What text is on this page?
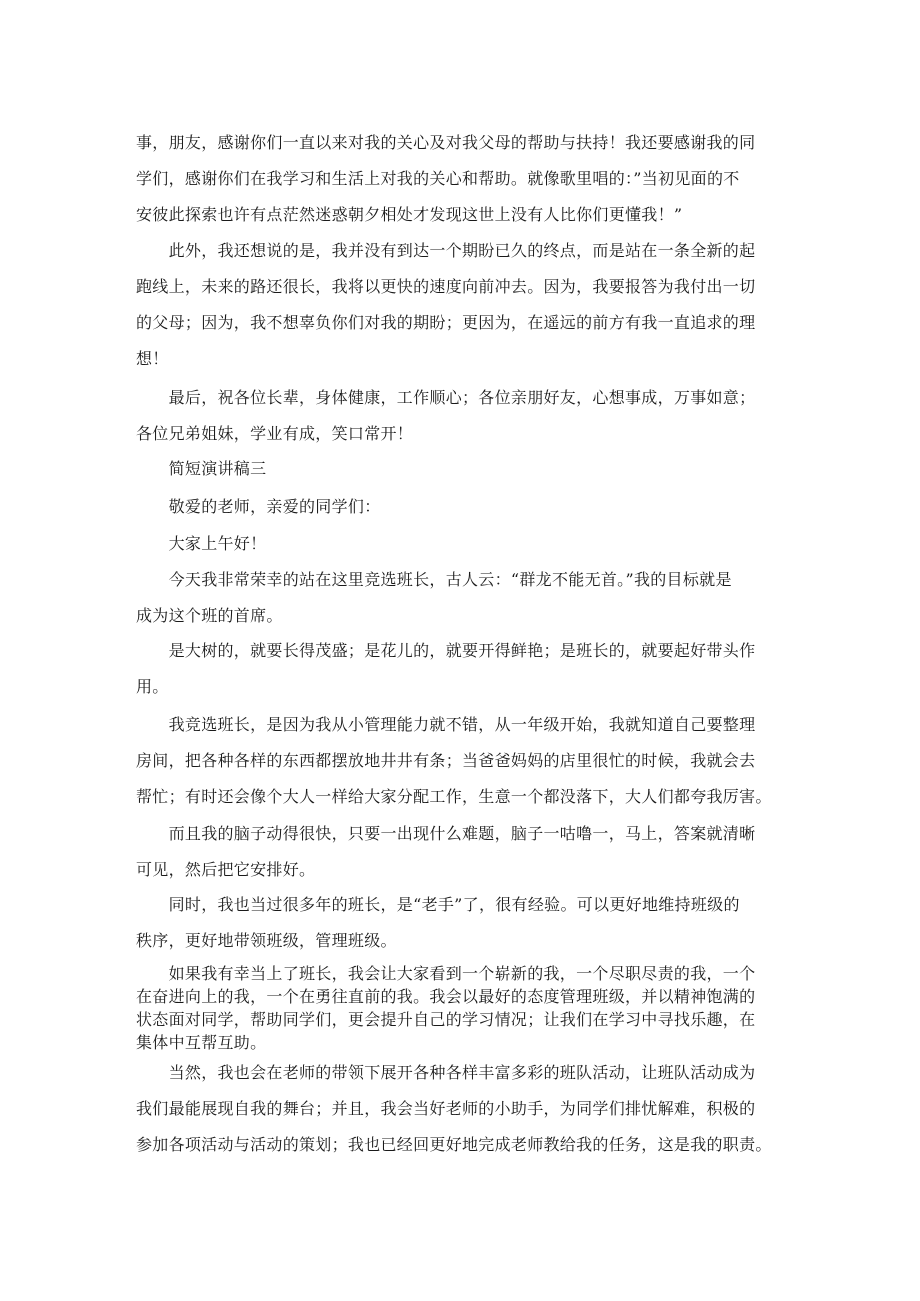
事，朋友，感谢你们一直以来对我的关心及对我父母的帮助与扶持！我还要感谢我的同
学们，感谢你们在我学习和生活上对我的关心和帮助。就像歌里唱的：”当初见面的不
安彼此探索也许有点茫然迷惑朝夕相处才发现这世上没有人比你们更懂我！”
　　此外，我还想说的是，我并没有到达一个期盼已久的终点，而是站在一条全新的起
跑线上，未来的路还很长，我将以更快的速度向前冲去。因为，我要报答为我付出一切
的父母；因为，我不想辜负你们对我的期盼；更因为，在遥远的前方有我一直追求的理
想！
　　最后，祝各位长辈，身体健康，工作顺心；各位亲朋好友，心想事成，万事如意；
各位兄弟姐妹，学业有成，笑口常开！
　　简短演讲稿三
　　敬爱的老师，亲爱的同学们：
　　大家上午好！
　　今天我非常荣幸的站在这里竞选班长，古人云：“群龙不能无首。”我的目标就是
成为这个班的首席。
　　是大树的，就要长得茂盛；是花儿的，就要开得鲜艳；是班长的，就要起好带头作
用。
　　我竞选班长，是因为我从小管理能力就不错，从一年级开始，我就知道自己要整理
房间，把各种各样的东西都摆放地井井有条；当爸爸妈妈的店里很忙的时候，我就会去
帮忙；有时还会像个大人一样给大家分配工作，生意一个都没落下，大人们都夸我厉害。
　　而且我的脑子动得很快，只要一出现什么难题，脑子一咕噜一，马上，答案就清晰
可见，然后把它安排好。
　　同时，我也当过很多年的班长，是“老手”了，很有经验。可以更好地维持班级的
秩序，更好地带领班级，管理班级。
　　如果我有幸当上了班长，我会让大家看到一个崭新的我，一个尽职尽责的我，一个
在奋进向上的我，一个在勇往直前的我。我会以最好的态度管理班级，并以精神饱满的
状态面对同学，帮助同学们，更会提升自己的学习情况；让我们在学习中寻找乐趣，在
集体中互帮互助。
　　当然，我也会在老师的带领下展开各种各样丰富多彩的班队活动，让班队活动成为
我们最能展现自我的舞台；并且，我会当好老师的小助手，为同学们排忧解难，积极的
参加各项活动与活动的策划；我也已经回更好地完成老师教给我的任务，这是我的职责。
